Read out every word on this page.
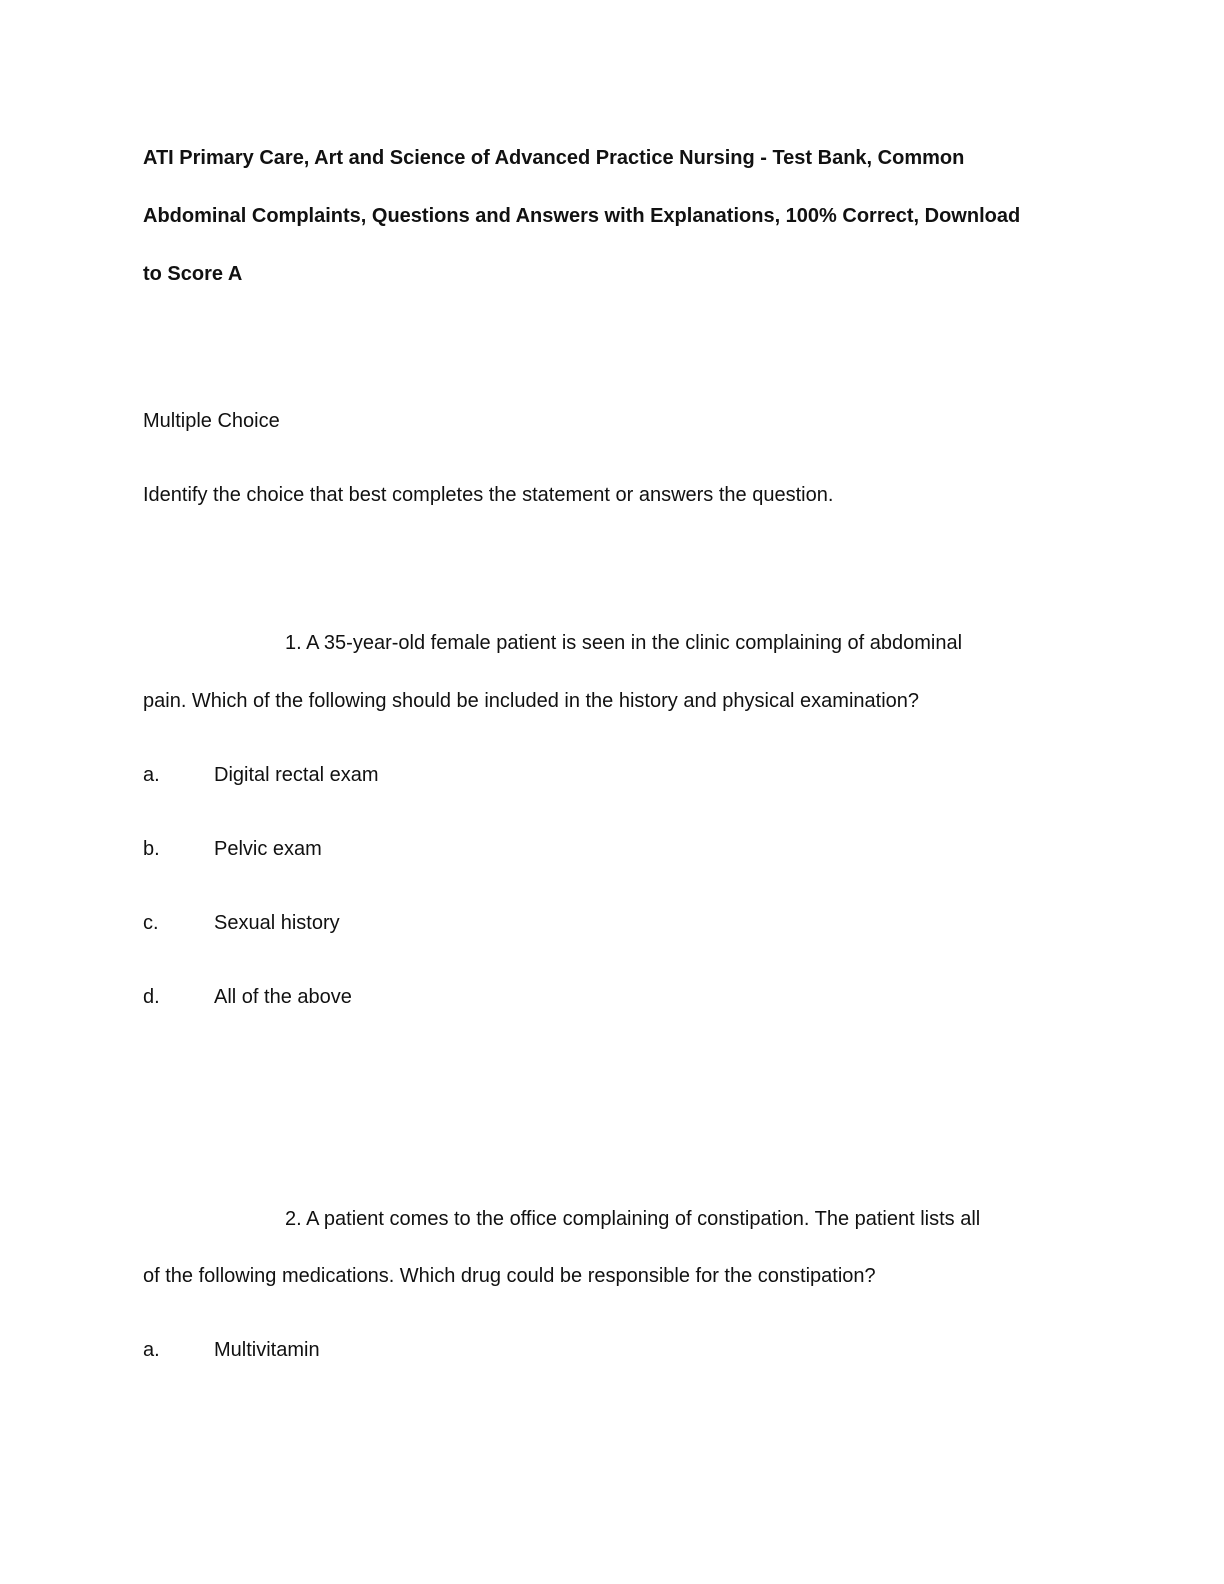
ATI Primary Care, Art and Science of Advanced Practice Nursing - Test Bank, Common
Abdominal Complaints, Questions and Answers with Explanations, 100% Correct, Download
to Score A
Multiple Choice
Identify the choice that best completes the statement or answers the question.
1. A 35-year-old female patient is seen in the clinic complaining of abdominal
pain. Which of the following should be included in the history and physical examination?
a.	Digital rectal exam
b.	Pelvic exam
c.	Sexual history
d.	All of the above
2. A patient comes to the office complaining of constipation. The patient lists all
of the following medications. Which drug could be responsible for the constipation?
a.	Multivitamin
